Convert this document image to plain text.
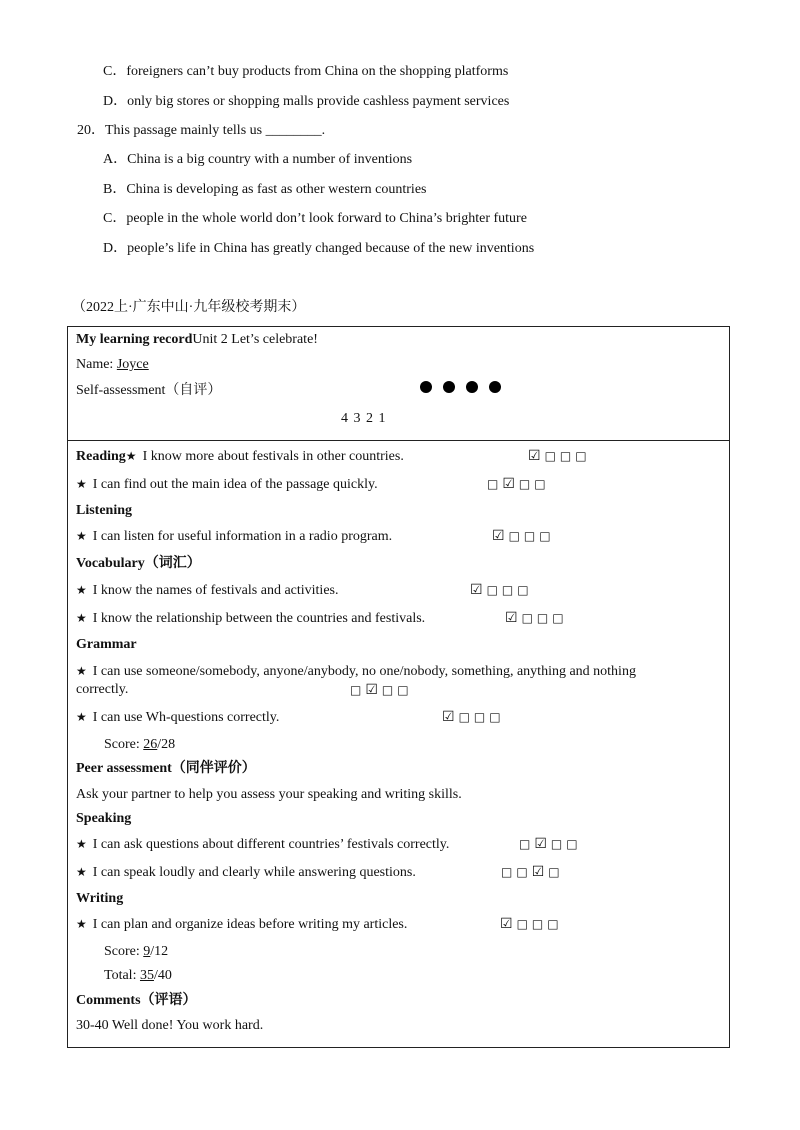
C．foreigners can’t buy products from China on the shopping platforms
D．only big stores or shopping malls provide cashless payment services
20．This passage mainly tells us ________.
A．China is a big country with a number of inventions
B．China is developing as fast as other western countries
C．people in the whole world don’t look forward to China’s brighter future
D．people’s life in China has greatly changed because of the new inventions
（2022上·广东中山·九年级校考期末）
My learning recordUnit 2 Let’s celebrate!
Name: Joyce
Self-assessment（自评）
4 3 2 1
Reading★ I know more about festivals in other countries.	☑ □ □ □
★ I can find out the main idea of the passage quickly.	□ ☑ □ □
Listening
★ I can listen for useful information in a radio program.	☑ □ □ □
Vocabulary（词汇）
★ I know the names of festivals and activities.	☑ □ □ □
★ I know the relationship between the countries and festivals.	☑ □ □ □
Grammar
★ I can use someone/somebody, anyone/anybody, no one/nobody, something, anything and nothing
correctly.	□ ☑ □ □
★ I can use Wh-questions correctly.	☑ □ □ □
Score: 26/28
Peer assessment（同伴评价）
Ask your partner to help you assess your speaking and writing skills.
Speaking
★ I can ask questions about different countries’ festivals correctly.	□ ☑ □ □
★ I can speak loudly and clearly while answering questions.	□ □ ☑ □
Writing
★ I can plan and organize ideas before writing my articles.	☑ □ □ □
Score: 9/12
Total: 35/40
Comments（评语）
30-40 Well done! You work hard.
